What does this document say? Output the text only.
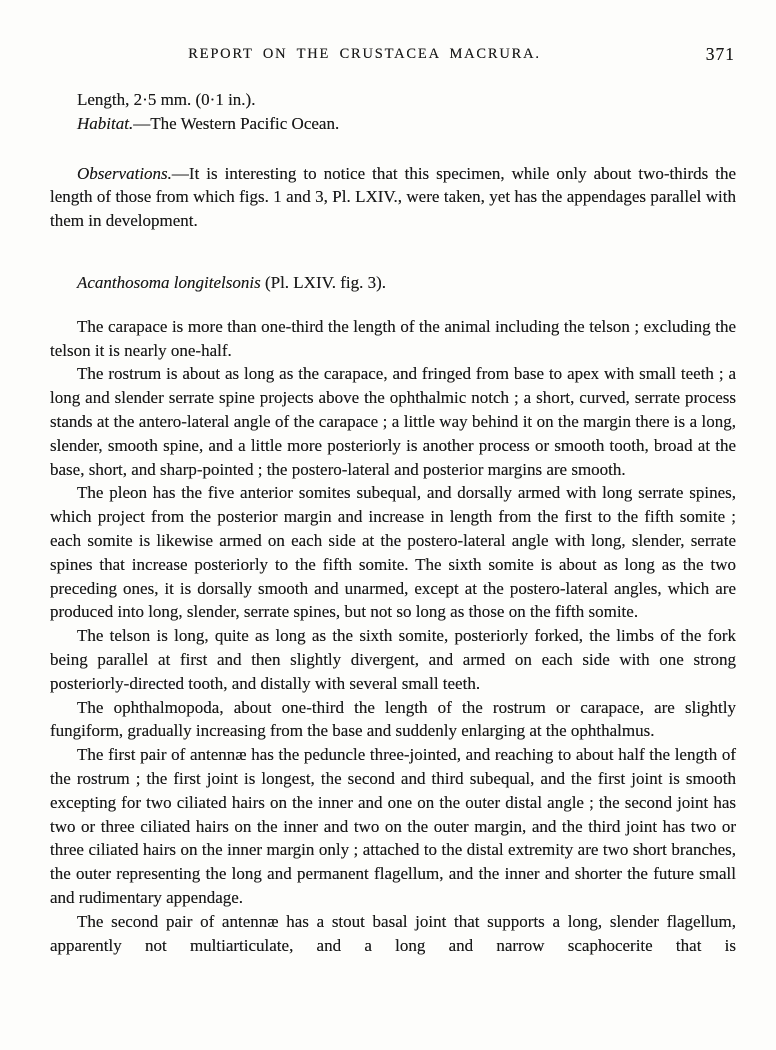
REPORT ON THE CRUSTACEA MACRURA.	371

Length, 2·5 mm. (0·1 in.).

Habitat.—The Western Pacific Ocean.

Observations.—It is interesting to notice that this specimen, while only about two-thirds the length of those from which figs. 1 and 3, Pl. LXIV., were taken, yet has the appendages parallel with them in development.

Acanthosoma longitelsonis (Pl. LXIV. fig. 3).

The carapace is more than one-third the length of the animal including the telson ; excluding the telson it is nearly one-half.

The rostrum is about as long as the carapace, and fringed from base to apex with small teeth ; a long and slender serrate spine projects above the ophthalmic notch ; a short, curved, serrate process stands at the antero-lateral angle of the carapace ; a little way behind it on the margin there is a long, slender, smooth spine, and a little more posteriorly is another process or smooth tooth, broad at the base, short, and sharp-pointed ; the postero-lateral and posterior margins are smooth.

The pleon has the five anterior somites subequal, and dorsally armed with long serrate spines, which project from the posterior margin and increase in length from the first to the fifth somite ; each somite is likewise armed on each side at the postero-lateral angle with long, slender, serrate spines that increase posteriorly to the fifth somite. The sixth somite is about as long as the two preceding ones, it is dorsally smooth and unarmed, except at the postero-lateral angles, which are produced into long, slender, serrate spines, but not so long as those on the fifth somite.

The telson is long, quite as long as the sixth somite, posteriorly forked, the limbs of the fork being parallel at first and then slightly divergent, and armed on each side with one strong posteriorly-directed tooth, and distally with several small teeth.

The ophthalmopoda, about one-third the length of the rostrum or carapace, are slightly fungiform, gradually increasing from the base and suddenly enlarging at the ophthalmus.

The first pair of antennæ has the peduncle three-jointed, and reaching to about half the length of the rostrum ; the first joint is longest, the second and third subequal, and the first joint is smooth excepting for two ciliated hairs on the inner and one on the outer distal angle ; the second joint has two or three ciliated hairs on the inner and two on the outer margin, and the third joint has two or three ciliated hairs on the inner margin only ; attached to the distal extremity are two short branches, the outer representing the long and permanent flagellum, and the inner and shorter the future small and rudimentary appendage.

The second pair of antennæ has a stout basal joint that supports a long, slender flagellum, apparently not multiarticulate, and a long and narrow scaphocerite that is
